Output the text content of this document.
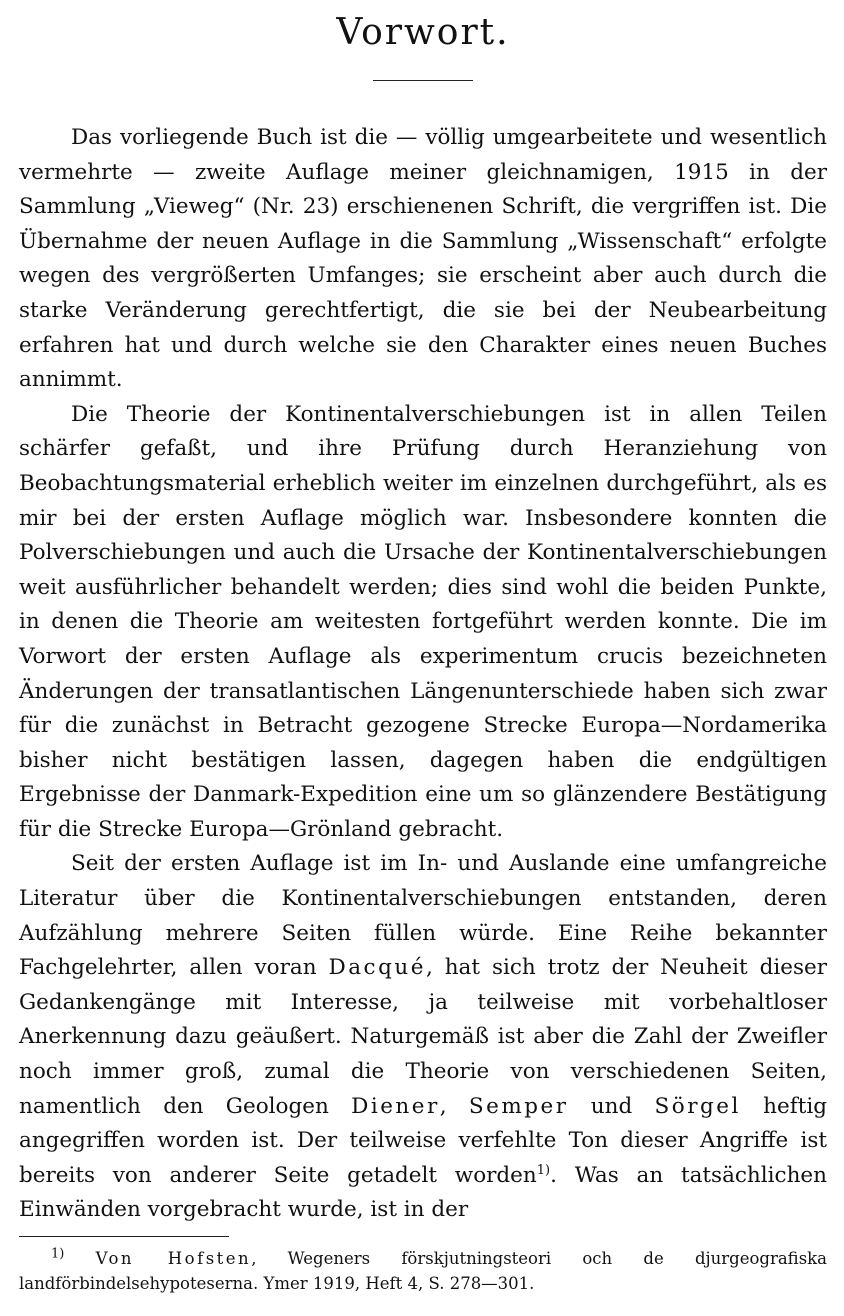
Vorwort.

Das vorliegende Buch ist die — völlig umgearbeitete und wesentlich vermehrte — zweite Auflage meiner gleichnamigen, 1915 in der Sammlung „Vieweg“ (Nr. 23) erschienenen Schrift, die vergriffen ist. Die Übernahme der neuen Auflage in die Sammlung „Wissenschaft“ erfolgte wegen des vergrößerten Umfanges; sie erscheint aber auch durch die starke Veränderung gerechtfertigt, die sie bei der Neubearbeitung erfahren hat und durch welche sie den Charakter eines neuen Buches annimmt.

Die Theorie der Kontinentalverschiebungen ist in allen Teilen schärfer gefaßt, und ihre Prüfung durch Heranziehung von Beobachtungsmaterial erheblich weiter im einzelnen durchgeführt, als es mir bei der ersten Auflage möglich war. Insbesondere konnten die Polverschiebungen und auch die Ursache der Kontinentalverschiebungen weit ausführlicher behandelt werden; dies sind wohl die beiden Punkte, in denen die Theorie am weitesten fortgeführt werden konnte. Die im Vorwort der ersten Auflage als experimentum crucis bezeichneten Änderungen der transatlantischen Längenunterschiede haben sich zwar für die zunächst in Betracht gezogene Strecke Europa—Nordamerika bisher nicht bestätigen lassen, dagegen haben die endgültigen Ergebnisse der Danmark-Expedition eine um so glänzendere Bestätigung für die Strecke Europa—Grönland gebracht.

Seit der ersten Auflage ist im In- und Auslande eine umfangreiche Literatur über die Kontinentalverschiebungen entstanden, deren Aufzählung mehrere Seiten füllen würde. Eine Reihe bekannter Fachgelehrter, allen voran Dacqué, hat sich trotz der Neuheit dieser Gedankengänge mit Interesse, ja teilweise mit vorbehaltloser Anerkennung dazu geäußert. Naturgemäß ist aber die Zahl der Zweifler noch immer groß, zumal die Theorie von verschiedenen Seiten, namentlich den Geologen Diener, Semper und Sörgel heftig angegriffen worden ist. Der teilweise verfehlte Ton dieser Angriffe ist bereits von anderer Seite getadelt worden$^{1)}$. Was an tatsächlichen Einwänden vorgebracht wurde, ist in der

$^{1)}$ Von Hofsten, Wegeners förskjutningsteori och de djurgeografiska landförbindelsehypoteserna. Ymer 1919, Heft 4, S. 278—301.
